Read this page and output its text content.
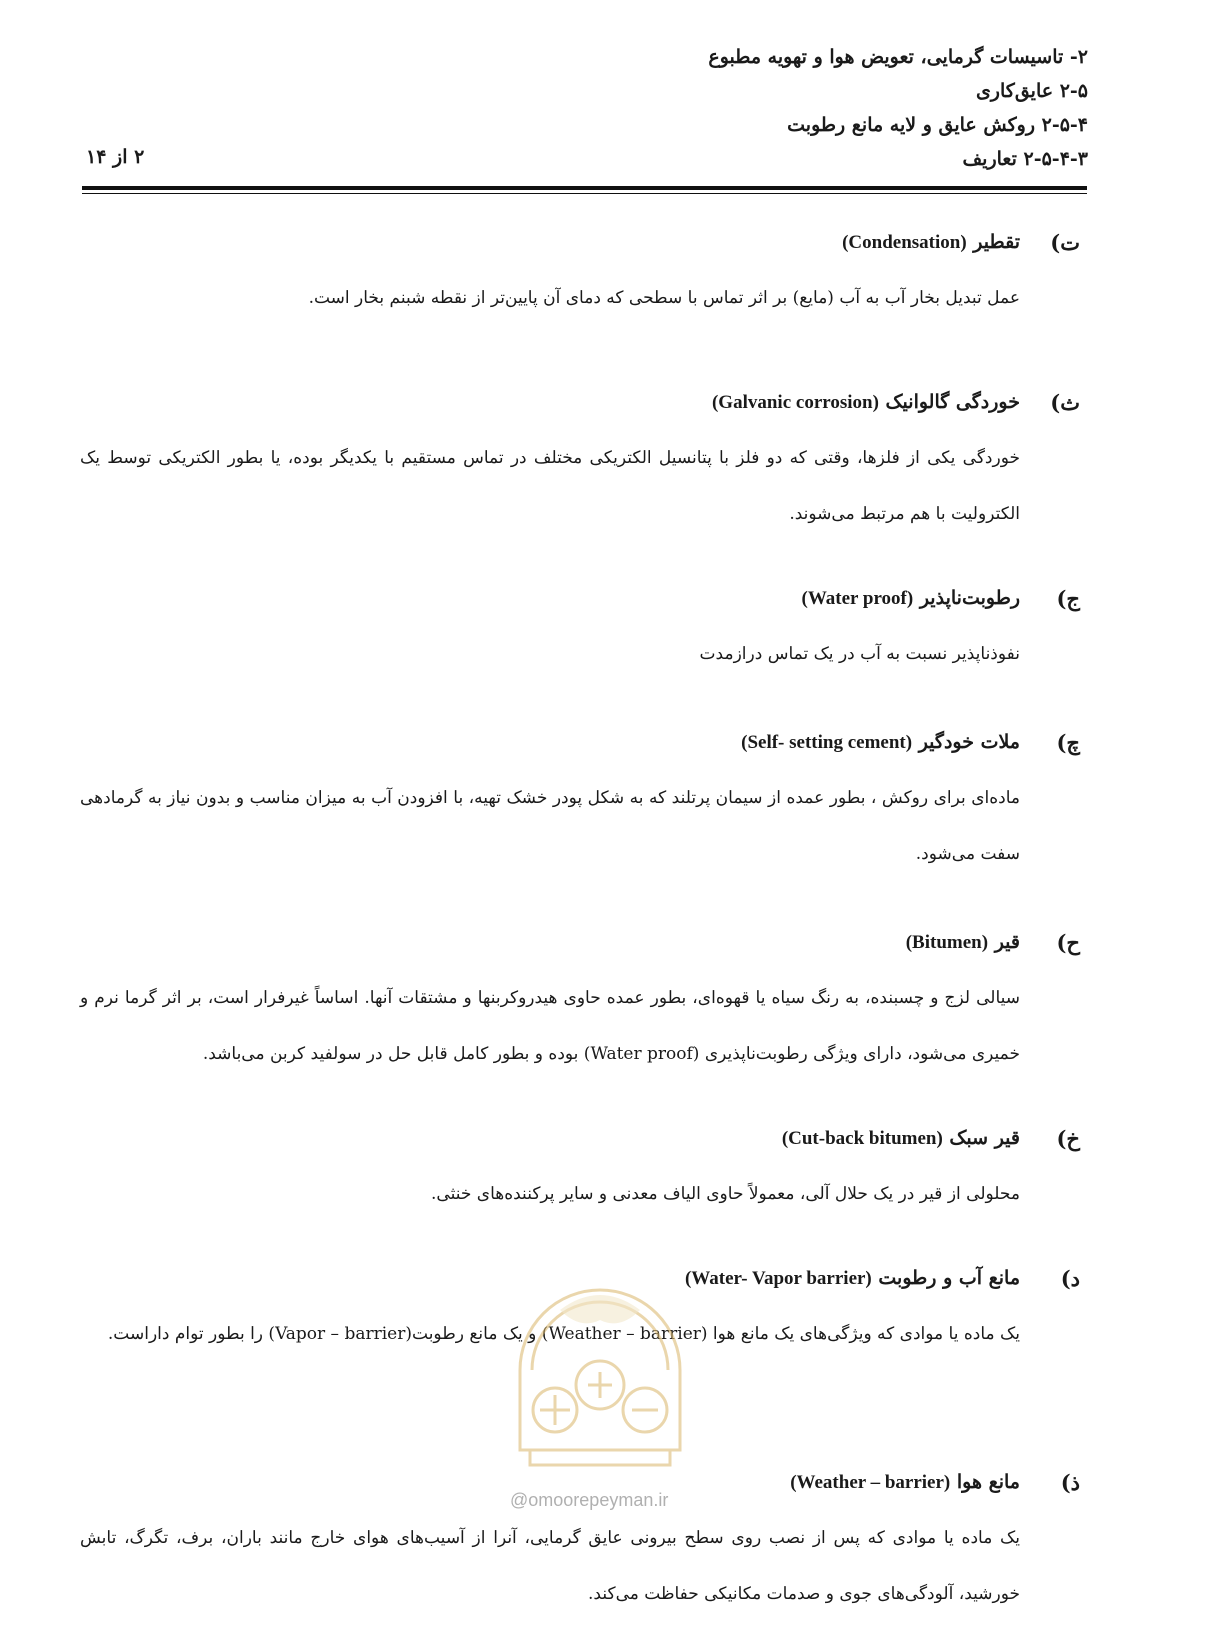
۲- تاسیسات گرمایی، تعویض هوا و تهویه مطبوع
۲-۵ عایق‌کاری
۲-۵-۴ روکش عایق و لایه مانع رطوبت
۲-۵-۴-۳ تعاریف
۲ از ۱۴
ت)
تقطیر (Condensation)
عمل تبدیل بخار آب به آب (مایع) بر اثر تماس با سطحی که دمای آن پایین‌تر از نقطه شبنم بخار است.
ث)
خوردگی گالوانیک (Galvanic corrosion)
خوردگی یکی از فلزها، وقتی که دو فلز با پتانسیل الکتریکی مختلف در تماس مستقیم با یکدیگر بوده، یا بطور الکتریکی توسط یک الکترولیت با هم مرتبط می‌شوند.
ج)
رطوبت‌ناپذیر (Water proof)
نفوذناپذیر نسبت به آب در یک تماس درازمدت
چ)
ملات خودگیر (Self- setting cement)
ماده‌ای برای روکش ، بطور عمده از سیمان پرتلند که به شکل پودر خشک تهیه، با افزودن آب به میزان مناسب و بدون نیاز به گرمادهی سفت می‌شود.
ح)
قیر (Bitumen)
سیالی لزج و چسبنده، به رنگ سیاه یا قهوه‌ای، بطور عمده حاوی هیدروکربنها و مشتقات آنها. اساساً غیرفرار است، بر اثر گرما نرم و خمیری می‌شود، دارای ویژگی رطوبت‌ناپذیری (Water proof) بوده و بطور کامل قابل حل در سولفید کربن می‌باشد.
خ)
قیر سبک (Cut-back bitumen)
محلولی از قیر در یک حلال آلی، معمولاً حاوی الیاف معدنی و سایر پرکننده‌های خنثی.
د)
مانع آب و رطوبت (Water- Vapor barrier)
یک ماده یا موادی که ویژگی‌های یک مانع هوا (Weather – barrier) و یک مانع رطوبت(Vapor – barrier) را بطور توام داراست.
ذ)
مانع هوا (Weather – barrier)
یک ماده یا موادی که پس از نصب روی سطح بیرونی عایق گرمایی، آنرا از آسیب‌های هوای خارج مانند باران، برف، تگرگ، تابش خورشید، آلودگی‌های جوی و صدمات مکانیکی حفاظت می‌کند.
@omoorepeyman.ir
